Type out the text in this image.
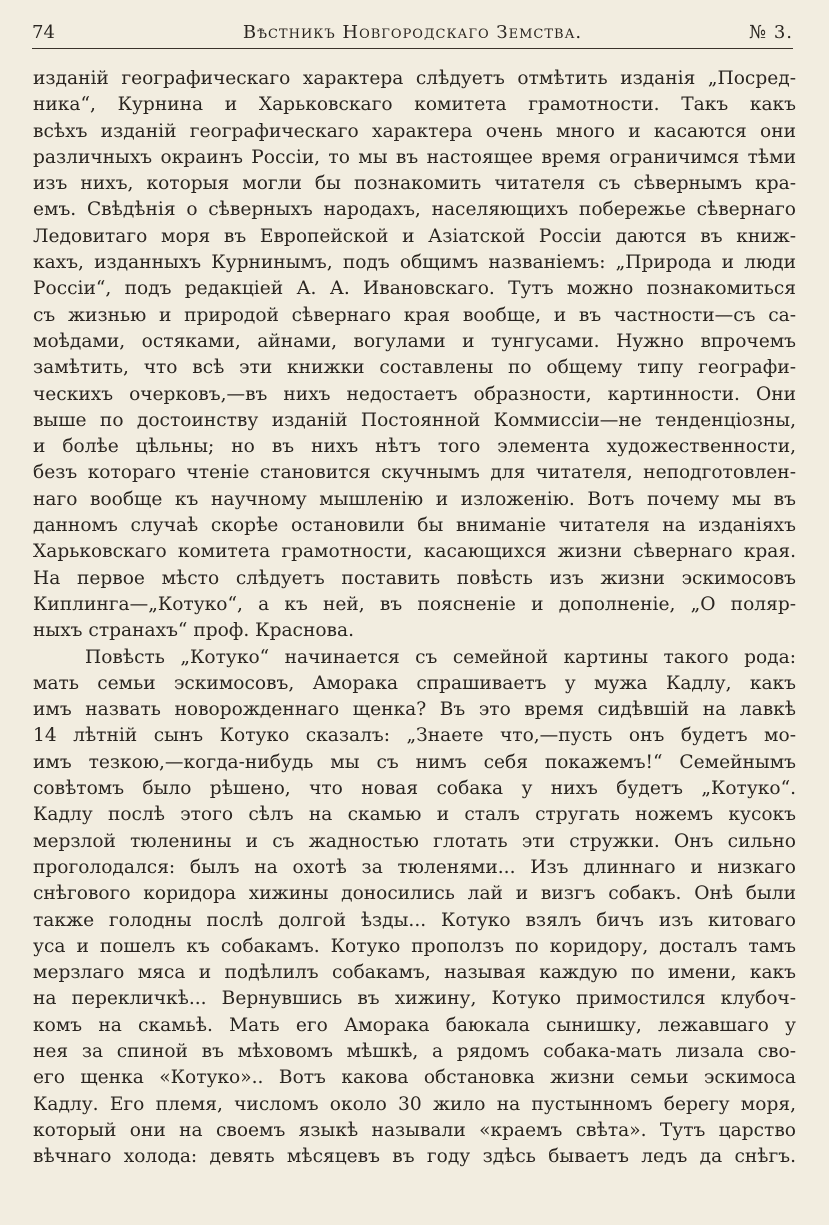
74	Вѣстникъ Новгородскаго Земства.	№ 3.
изданій географическаго характера слѣдуетъ отмѣтить изданія „Посред-
ника“, Курнина и Харьковскаго комитета грамотности. Такъ какъ
всѣхъ изданій географическаго характера очень много и касаются они
различныхъ окраинъ Россіи, то мы въ настоящее время ограничимся тѣми
изъ нихъ, которыя могли бы познакомить читателя съ сѣвернымъ кра-
емъ. Свѣдѣнія о сѣверныхъ народахъ, населяющихъ побережье сѣвернаго
Ледовитаго моря въ Европейской и Азіатской Россіи даются въ книж-
кахъ, изданныхъ Курнинымъ, подъ общимъ названіемъ: „Природа и люди
Россіи“, подъ редакціей А. А. Ивановскаго. Тутъ можно познакомиться
съ жизнью и природой сѣвернаго края вообще, и въ частности—съ са-
моѣдами, остяками, айнами, вогулами и тунгусами. Нужно впрочемъ
замѣтить, что всѣ эти книжки составлены по общему типу географи-
ческихъ очерковъ,—въ нихъ недостаетъ образности, картинности. Они
выше по достоинству изданій Постоянной Коммиссіи—не тенденціозны,
и болѣе цѣльны; но въ нихъ нѣтъ того элемента художественности,
безъ котораго чтеніе становится скучнымъ для читателя, неподготовлен-
наго вообще къ научному мышленію и изложенію. Вотъ почему мы въ
данномъ случаѣ скорѣе остановили бы вниманіе читателя на изданіяхъ
Харьковскаго комитета грамотности, касающихся жизни сѣвернаго края.
На первое мѣсто слѣдуетъ поставить повѣсть изъ жизни эскимосовъ
Киплинга—„Котуко“, а къ ней, въ поясненіе и дополненіе, „О поляр-
ныхъ странахъ“ проф. Краснова.
Повѣсть „Котуко“ начинается съ семейной картины такого рода:
мать семьи эскимосовъ, Аморака спрашиваетъ у мужа Кадлу, какъ
имъ назвать новорожденнаго щенка? Въ это время сидѣвшій на лавкѣ
14 лѣтній сынъ Котуко сказалъ: „Знаете что,—пусть онъ будетъ мо-
имъ тезкою,—когда-нибудь мы съ нимъ себя покажемъ!“ Семейнымъ
совѣтомъ было рѣшено, что новая собака у нихъ будетъ „Котуко“.
Кадлу послѣ этого сѣлъ на скамью и сталъ стругать ножемъ кусокъ
мерзлой тюленины и съ жадностью глотать эти стружки. Онъ сильно
проголодался: былъ на охотѣ за тюленями... Изъ длиннаго и низкаго
снѣгового коридора хижины доносились лай и визгъ собакъ. Онѣ были
также голодны послѣ долгой ѣзды... Котуко взялъ бичъ изъ китоваго
уса и пошелъ къ собакамъ. Котуко проползъ по коридору, досталъ тамъ
мерзлаго мяса и подѣлилъ собакамъ, называя каждую по имени, какъ
на перекличкѣ... Вернувшись въ хижину, Котуко примостился клубоч-
комъ на скамьѣ. Мать его Аморака баюкала сынишку, лежавшаго у
нея за спиной въ мѣховомъ мѣшкѣ, а рядомъ собака-мать лизала сво-
его щенка «Котуко».. Вотъ какова обстановка жизни семьи эскимоса
Кадлу. Его племя, числомъ около 30 жило на пустынномъ берегу моря,
который они на своемъ языкѣ называли «краемъ свѣта». Тутъ царство
вѣчнаго холода: девять мѣсяцевъ въ году здѣсь бываетъ ледъ да снѣгъ.
